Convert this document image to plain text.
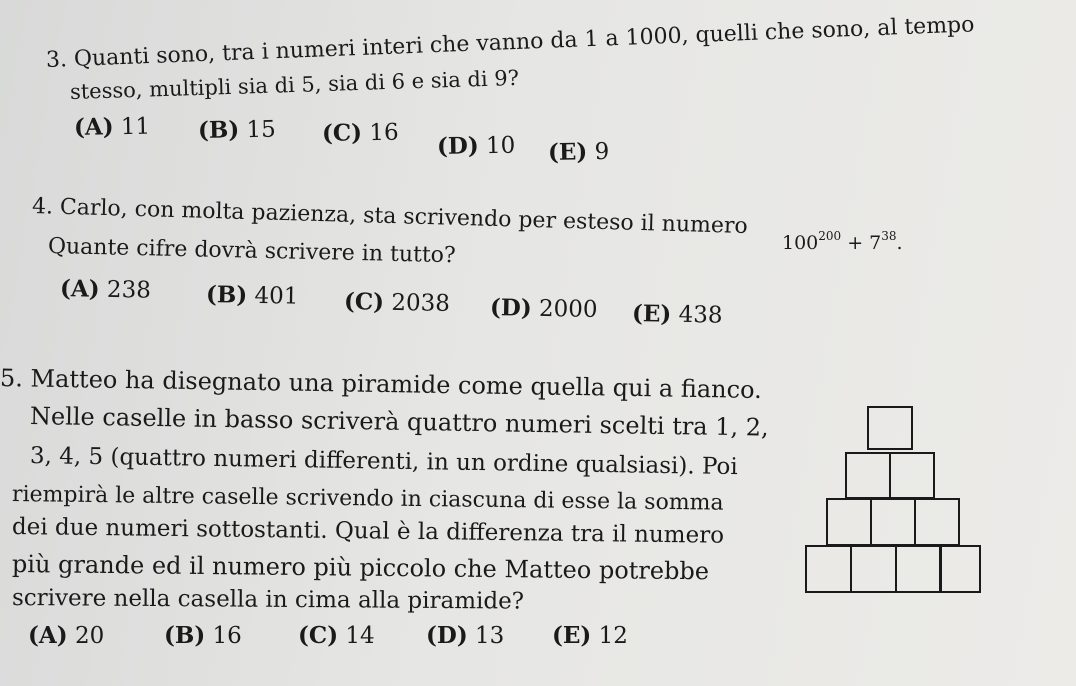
3. Quanti sono, tra i numeri interi che vanno da 1 a 1000, quelli che sono, al tempo
stesso, multipli sia di 5, sia di 6 e sia di 9?
(A) 11 (B) 15 (C) 16 (D) 10 (E) 9
4. Carlo, con molta pazienza, sta scrivendo per esteso il numero
$100^{200} + 7^{38}$.
Quante cifre dovrà scrivere in tutto?
(A) 238 (B) 401 (C) 2038 (D) 2000 (E) 438
5. Matteo ha disegnato una piramide come quella qui a fianco.
Nelle caselle in basso scriverà quattro numeri scelti tra 1, 2,
3, 4, 5 (quattro numeri differenti, in un ordine qualsiasi). Poi
riempirà le altre caselle scrivendo in ciascuna di esse la somma
dei due numeri sottostanti. Qual è la differenza tra il numero
più grande ed il numero più piccolo che Matteo potrebbe
scrivere nella casella in cima alla piramide?
(A) 20	(B) 16 (C) 14 (D) 13 (E) 12
